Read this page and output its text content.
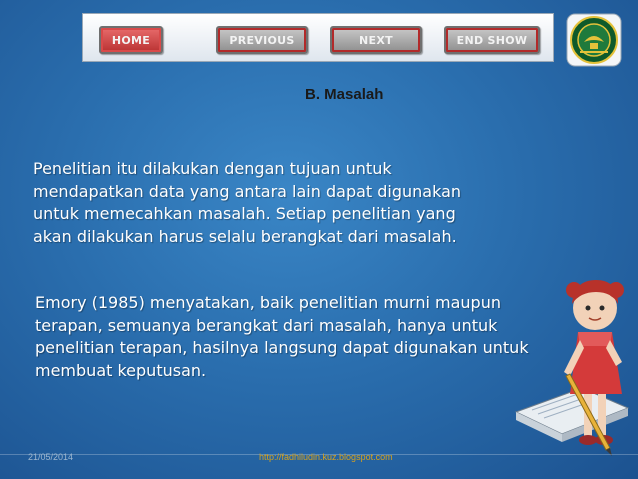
HOME	PREVIOUS	NEXT	END SHOW
B. Masalah
Penelitian itu dilakukan dengan tujuan untuk mendapatkan data yang antara lain dapat digunakan untuk memecahkan masalah. Setiap penelitian yang akan dilakukan harus selalu berangkat dari masalah.
Emory (1985) menyatakan, baik penelitian murni maupun terapan, semuanya berangkat dari masalah, hanya untuk penelitian terapan, hasilnya langsung dapat digunakan untuk membuat keputusan.
21/05/2014	http://fadhiludin.kuz.blogspot.com
